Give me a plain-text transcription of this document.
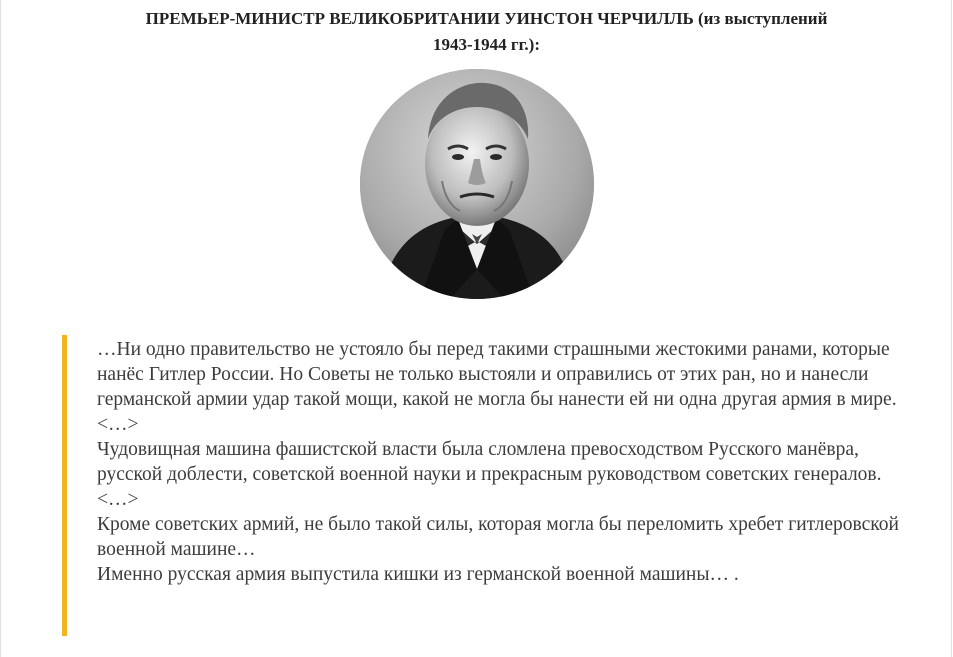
ПРЕМЬЕР-МИНИСТР ВЕЛИКОБРИТАНИИ УИНСТОН ЧЕРЧИЛЛЬ (из выступлений
1943-1944 гг.):

…Ни одно правительство не устояло бы перед такими страшными жестокими ранами, которые нанёс Гитлер России. Но Советы не только выстояли и оправились от этих ран, но и нанесли германской армии удар такой мощи, какой не могла бы нанести ей ни одна другая армия в мире.

<…>

Чудовищная машина фашистской власти была сломлена превосходством Русского манёвра, русской доблести, советской военной науки и прекрасным руководством советских генералов.

<…>

Кроме советских армий, не было такой силы, которая могла бы переломить хребет гитлеровской военной машине…

Именно русская армия выпустила кишки из германской военной машины… .
